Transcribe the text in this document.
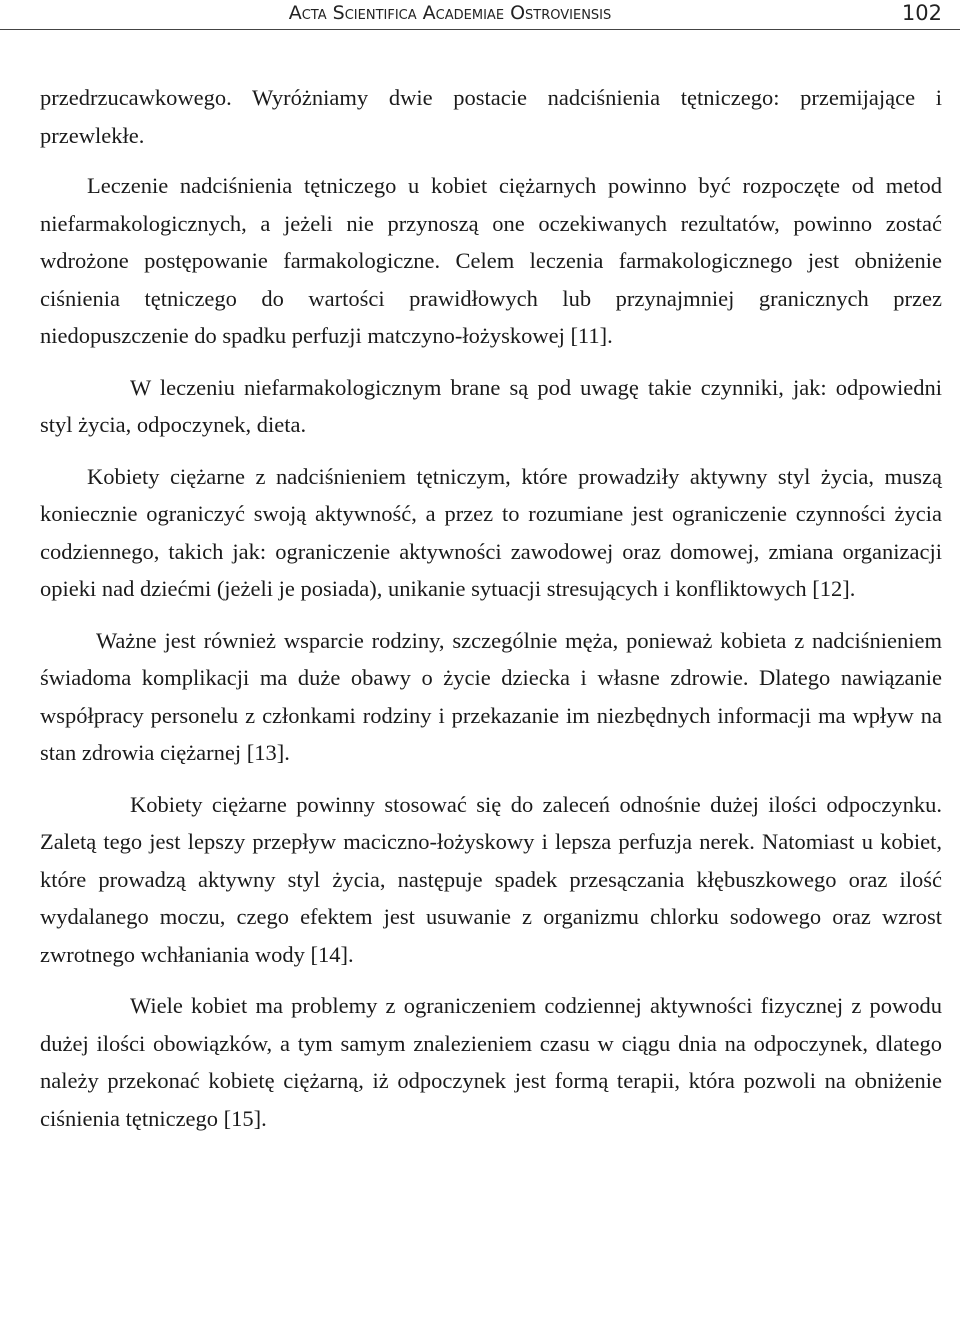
Acta Scientifica Academiae Ostroviensis	102

przedrzucawkowego. Wyróżniamy dwie postacie nadciśnienia tętniczego: przemijające i przewlekłe.

Leczenie nadciśnienia tętniczego u kobiet ciężarnych powinno być rozpoczęte od metod niefarmakologicznych, a jeżeli nie przynoszą one oczekiwanych rezultatów, powinno zostać wdrożone postępowanie farmakologiczne. Celem leczenia farmakologicznego jest obniżenie ciśnienia tętniczego do wartości prawidłowych lub przynajmniej granicznych przez niedopuszczenie do spadku perfuzji matczyno-łożyskowej [11].

W leczeniu niefarmakologicznym brane są pod uwagę takie czynniki, jak: odpowiedni styl życia, odpoczynek, dieta.

Kobiety ciężarne z nadciśnieniem tętniczym, które prowadziły aktywny styl życia, muszą koniecznie ograniczyć swoją aktywność, a przez to rozumiane jest ograniczenie czynności życia codziennego, takich jak: ograniczenie aktywności zawodowej oraz domowej, zmiana organizacji opieki nad dziećmi (jeżeli je posiada), unikanie sytuacji stresujących i konfliktowych [12].

Ważne jest również wsparcie rodziny, szczególnie męża, ponieważ kobieta z nadciśnieniem świadoma komplikacji ma duże obawy o życie dziecka i własne zdrowie. Dlatego nawiązanie współpracy personelu z członkami rodziny i przekazanie im niezbędnych informacji ma wpływ na stan zdrowia ciężarnej [13].

Kobiety ciężarne powinny stosować się do zaleceń odnośnie dużej ilości odpoczynku. Zaletą tego jest lepszy przepływ maciczno-łożyskowy i lepsza perfuzja nerek. Natomiast u kobiet, które prowadzą aktywny styl życia, następuje spadek przesączania kłębuszkowego oraz ilość wydalanego moczu, czego efektem jest usuwanie z organizmu chlorku sodowego oraz wzrost zwrotnego wchłaniania wody [14].

Wiele kobiet ma problemy z ograniczeniem codziennej aktywności fizycznej z powodu dużej ilości obowiązków, a tym samym znalezieniem czasu w ciągu dnia na odpoczynek, dlatego należy przekonać kobietę ciężarną, iż odpoczynek jest formą terapii, która pozwoli na obniżenie ciśnienia tętniczego [15].
